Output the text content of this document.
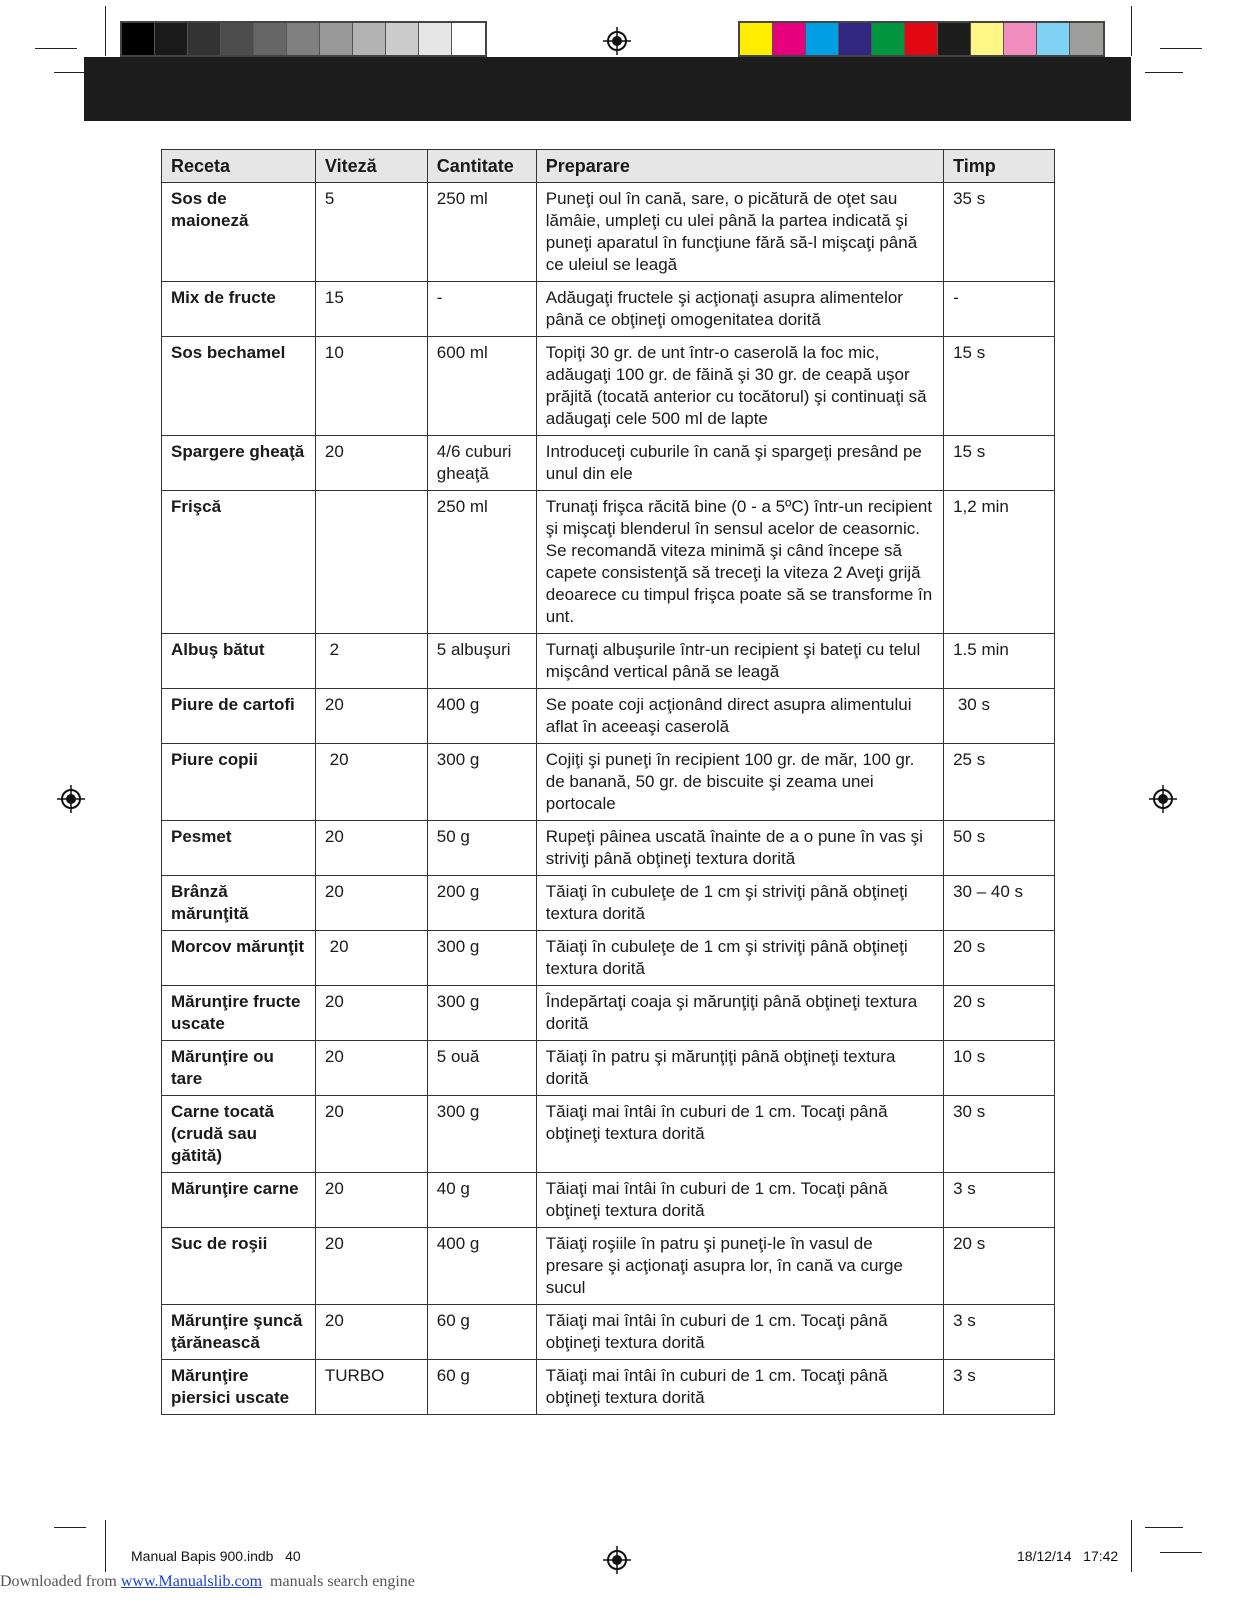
Receta	Viteză	Cantitate	Preparare	Timp
Sos de maioneză	5	250 ml	Puneţi oul în cană, sare, o picătură de oţet sau lămâie, umpleţi cu ulei până la partea indicată şi puneţi aparatul în funcţiune fără să-l mişcaţi până ce uleiul se leagă	35 s
Mix de fructe	15	-	Adăugaţi fructele şi acţionaţi asupra alimentelor până ce obţineţi omogenitatea dorită	-
Sos bechamel	10	600 ml	Topiţi 30 gr. de unt într-o caserolă la foc mic, adăugaţi 100 gr. de făină şi 30 gr. de ceapă uşor prăjită (tocată anterior cu tocătorul) şi continuaţi să adăugaţi cele 500 ml de lapte	15 s
Spargere gheaţă	20	4/6 cuburi gheaţă	Introduceţi cuburile în cană şi spargeţi presând pe unul din ele	15 s
Frişcă		250 ml	Trunaţi frişca răcită bine (0 - a 5ºC) într-un recipient şi mişcaţi blenderul în sensul acelor de ceasornic. Se recomandă viteza minimă şi când începe să capete consistenţă să treceţi la viteza 2 Aveţi grijă deoarece cu timpul frişca poate să se transforme în unt.	1,2 min
Albuş bătut	2	5 albuşuri	Turnaţi albuşurile într-un recipient şi bateţi cu telul mişcând vertical până se leagă	1.5 min
Piure de cartofi	20	400 g	Se poate coji acţionând direct asupra alimentului aflat în aceeaşi caserolă	30 s
Piure copii	20	300 g	Cojiţi şi puneţi în recipient 100 gr. de măr, 100 gr. de banană, 50 gr. de biscuite şi zeama unei portocale	25 s
Pesmet	20	50 g	Rupeţi pâinea uscată înainte de a o pune în vas şi striviţi până obţineţi textura dorită	50 s
Brânză mărunţită	20	200 g	Tăiaţi în cubuleţe de 1 cm şi striviţi până obţineţi textura dorită	30 – 40 s
Morcov mărunţit	20	300 g	Tăiaţi în cubuleţe de 1 cm şi striviţi până obţineţi textura dorită	20 s
Mărunţire fructe uscate	20	300 g	Îndepărtaţi coaja şi mărunţiţi până obţineţi textura dorită	20 s
Mărunţire ou tare	20	5 ouă	Tăiaţi în patru şi mărunţiţi până obţineţi textura dorită	10 s
Carne tocată (crudă sau gătită)	20	300 g	Tăiaţi mai întâi în cuburi de 1 cm. Tocaţi până obţineţi textura dorită	30 s
Mărunţire carne	20	40 g	Tăiaţi mai întâi în cuburi de 1 cm. Tocaţi până obţineţi textura dorită	3 s
Suc de roşii	20	400 g	Tăiaţi roşiile în patru şi puneţi-le în vasul de presare şi acţionaţi asupra lor, în cană va curge sucul	20 s
Mărunţire şuncă ţărănească	20	60 g	Tăiaţi mai întâi în cuburi de 1 cm. Tocaţi până obţineţi textura dorită	3 s
Mărunţire piersici uscate	TURBO	60 g	Tăiaţi mai întâi în cuburi de 1 cm. Tocaţi până obţineţi textura dorită	3 s
Manual Bapis 900.indb   40	18/12/14   17:42
Downloaded from www.Manualslib.com  manuals search engine
